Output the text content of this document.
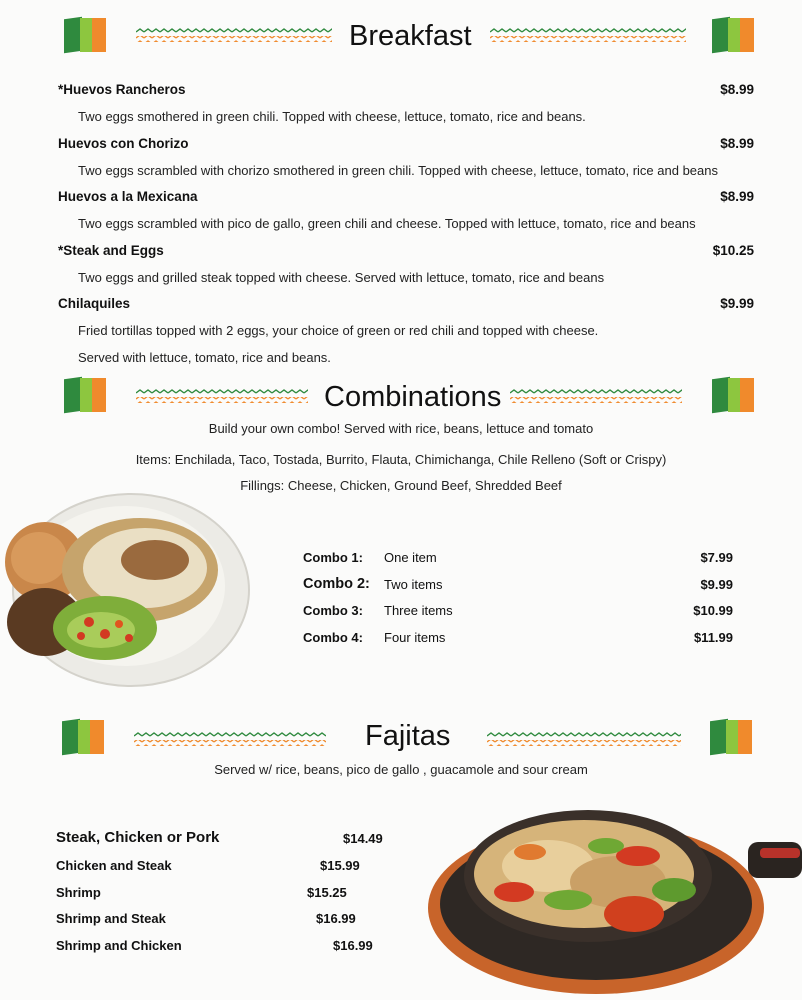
Breakfast
*Huevos Rancheros	$8.99
Two eggs smothered in green chili. Topped with cheese, lettuce, tomato, rice and beans.
Huevos con Chorizo	$8.99
Two eggs scrambled with chorizo smothered in green chili. Topped with cheese, lettuce, tomato, rice and beans
Huevos a la Mexicana	$8.99
Two eggs scrambled with pico de gallo, green chili and cheese. Topped with lettuce, tomato, rice and beans
*Steak and Eggs	$10.25
Two eggs and grilled steak topped with cheese. Served with lettuce, tomato, rice and beans
Chilaquiles	$9.99
Fried tortillas topped with 2 eggs, your choice of green or red chili and topped with cheese.
Served with lettuce, tomato, rice and beans.
Combinations
Build your own combo! Served with rice, beans, lettuce and tomato
Items: Enchilada, Taco, Tostada, Burrito, Flauta, Chimichanga, Chile Relleno (Soft or Crispy)
Fillings: Cheese, Chicken, Ground Beef, Shredded Beef
Combo 1: One item	$7.99
Combo 2: Two items	$9.99
Combo 3: Three items	$10.99
Combo 4: Four items	$11.99
Fajitas
Served w/ rice, beans, pico de gallo , guacamole and sour cream
Steak, Chicken or Pork	$14.49
Chicken and Steak	$15.99
Shrimp	$15.25
Shrimp and Steak	$16.99
Shrimp and Chicken	$16.99
